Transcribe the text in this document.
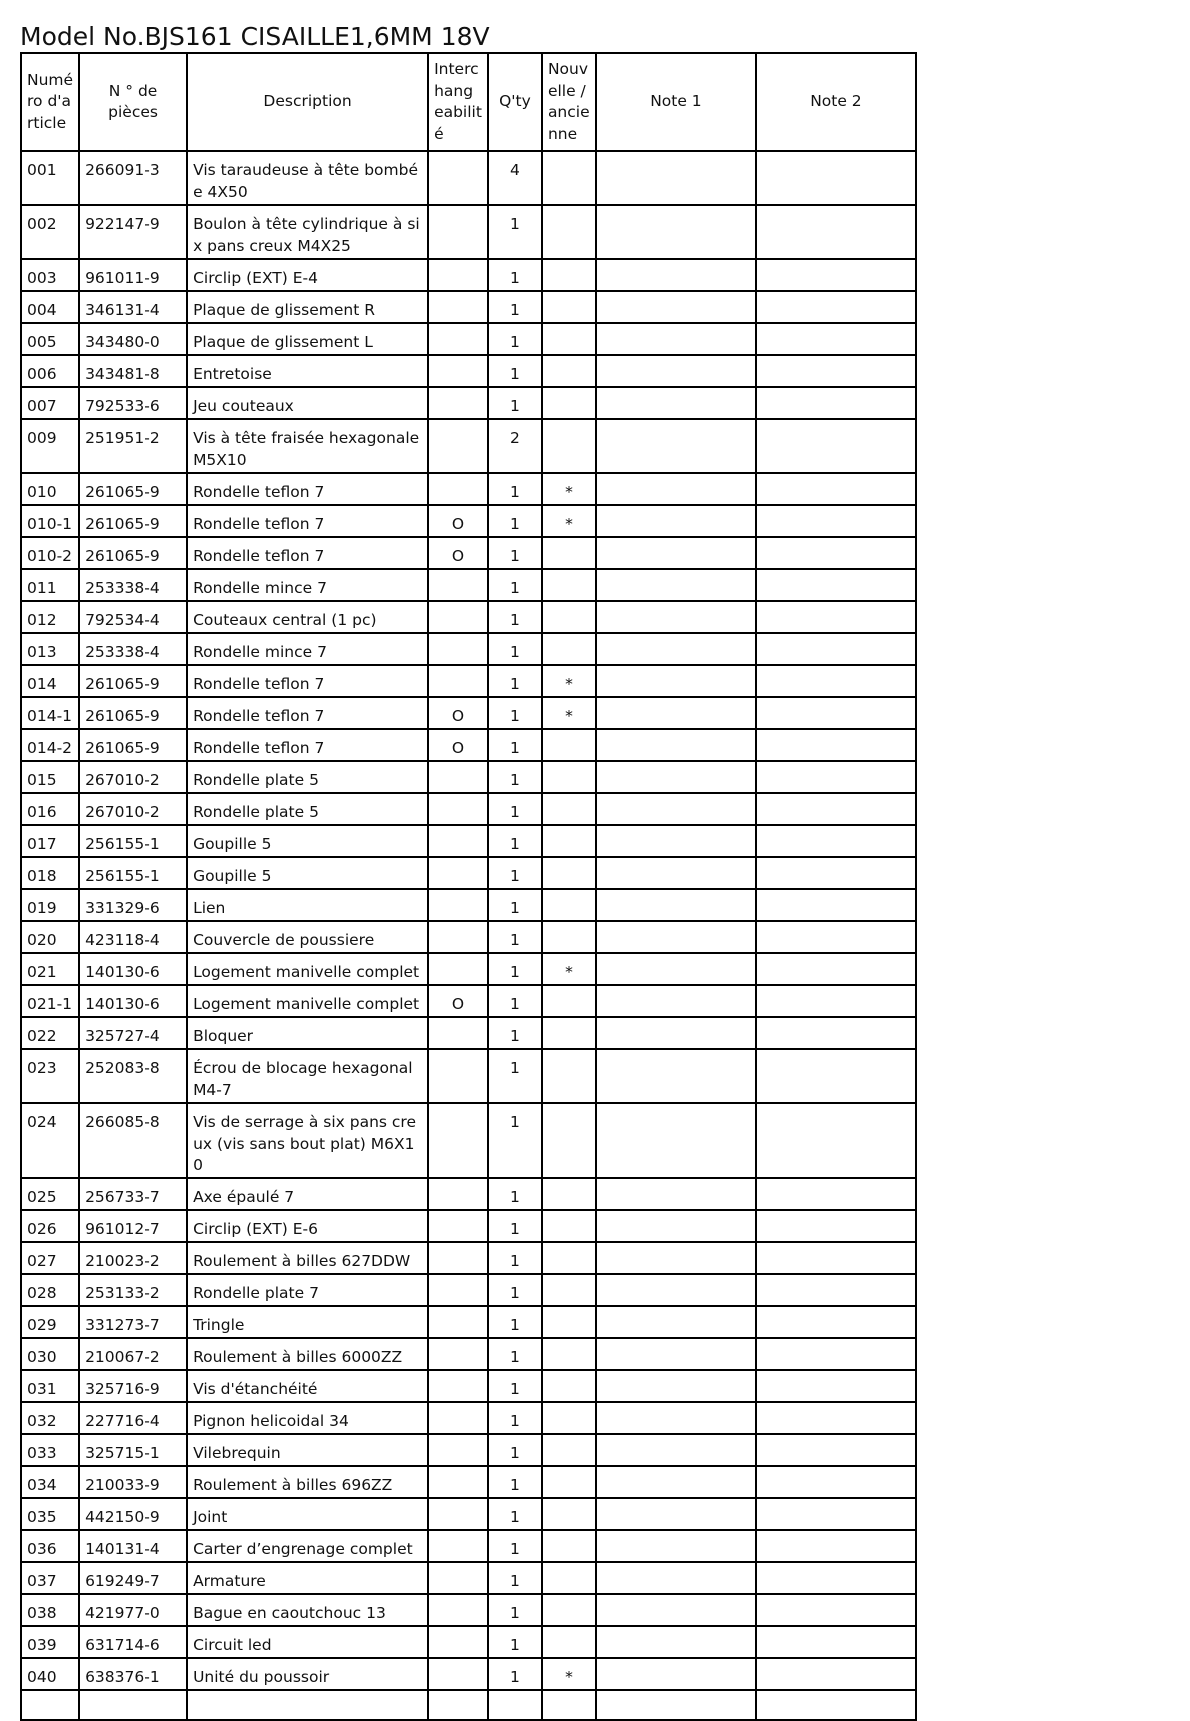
Model No.BJS161 CISAILLE1,6MM 18V
Numé ro d'a rticle	N ° de pièces	Description	Interc hang eabilit é	Q'ty	Nouv elle / ancie nne	Note 1	Note 2
001	266091-3	Vis taraudeuse à tête bombée 4X50		4			
002	922147-9	Boulon à tête cylindrique à six pans creux M4X25		1			
003	961011-9	Circlip (EXT) E-4		1			
004	346131-4	Plaque de glissement R		1			
005	343480-0	Plaque de glissement L		1			
006	343481-8	Entretoise		1			
007	792533-6	Jeu couteaux		1			
009	251951-2	Vis à tête fraisée hexagonale M5X10		2			
010	261065-9	Rondelle teflon 7		1	*		
010-1	261065-9	Rondelle teflon 7	O	1	*		
010-2	261065-9	Rondelle teflon 7	O	1			
011	253338-4	Rondelle mince 7		1			
012	792534-4	Couteaux central (1 pc)		1			
013	253338-4	Rondelle mince 7		1			
014	261065-9	Rondelle teflon 7		1	*		
014-1	261065-9	Rondelle teflon 7	O	1	*		
014-2	261065-9	Rondelle teflon 7	O	1			
015	267010-2	Rondelle plate 5		1			
016	267010-2	Rondelle plate 5		1			
017	256155-1	Goupille 5		1			
018	256155-1	Goupille 5		1			
019	331329-6	Lien		1			
020	423118-4	Couvercle de poussiere		1			
021	140130-6	Logement manivelle complet		1	*		
021-1	140130-6	Logement manivelle complet	O	1			
022	325727-4	Bloquer		1			
023	252083-8	Écrou de blocage hexagonal M4-7		1			
024	266085-8	Vis de serrage à six pans creux (vis sans bout plat) M6X10		1			
025	256733-7	Axe épaulé 7		1			
026	961012-7	Circlip (EXT) E-6		1			
027	210023-2	Roulement à billes 627DDW		1			
028	253133-2	Rondelle plate 7		1			
029	331273-7	Tringle		1			
030	210067-2	Roulement à billes 6000ZZ		1			
031	325716-9	Vis d'étanchéité		1			
032	227716-4	Pignon helicoidal 34		1			
033	325715-1	Vilebrequin		1			
034	210033-9	Roulement à billes 696ZZ		1			
035	442150-9	Joint		1			
036	140131-4	Carter d’engrenage complet		1			
037	619249-7	Armature		1			
038	421977-0	Bague en caoutchouc 13		1			
039	631714-6	Circuit led		1			
040	638376-1	Unité du poussoir		1	*		
